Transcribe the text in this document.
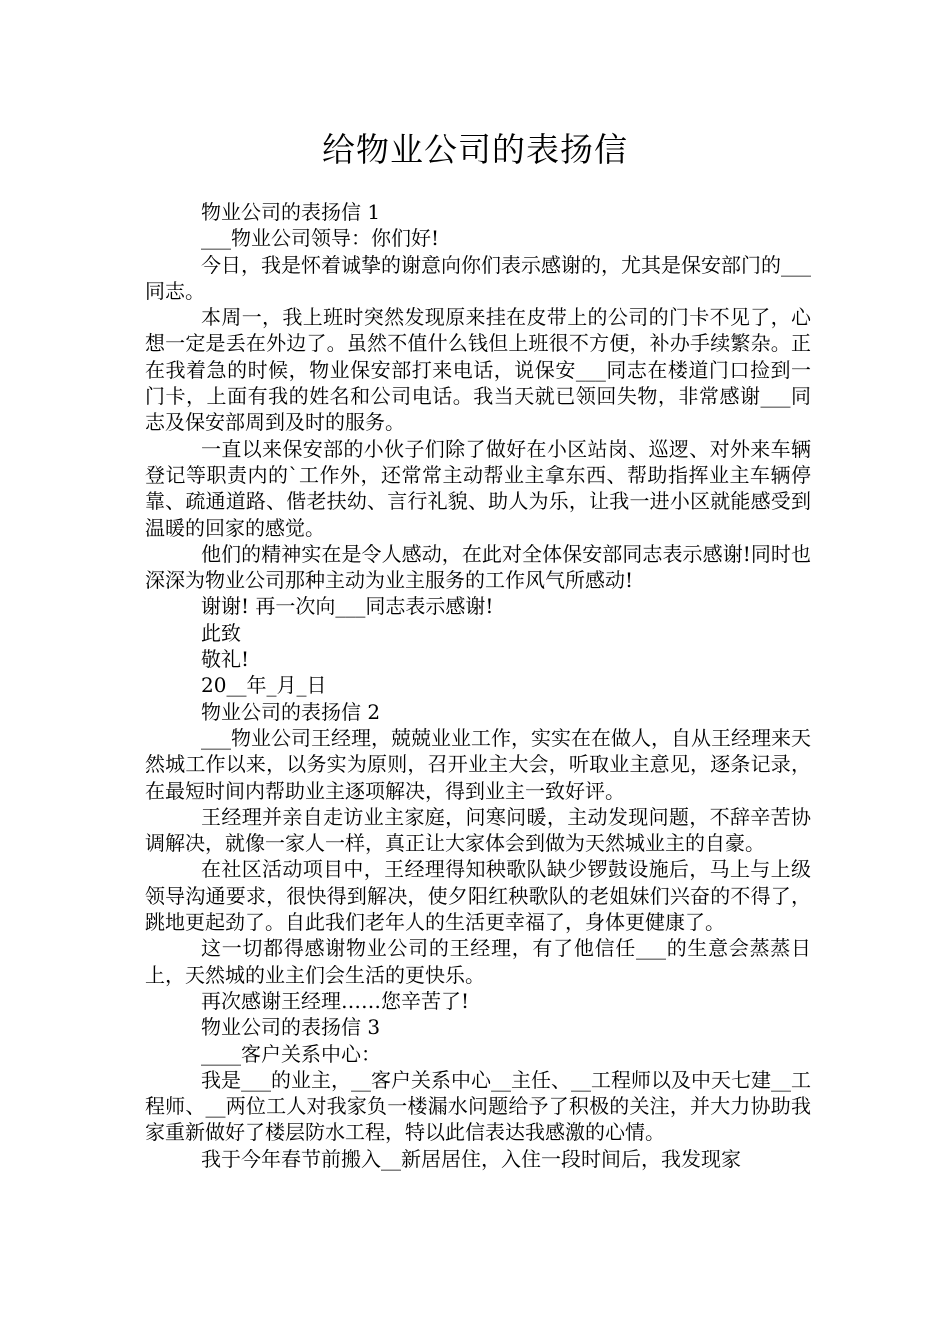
给物业公司的表扬信

物业公司的表扬信 1

___物业公司领导：你们好!

今日，我是怀着诚挚的谢意向你们表示感谢的，尤其是保安部门的___同志。

本周一，我上班时突然发现原来挂在皮带上的公司的门卡不见了，心想一定是丢在外边了。虽然不值什么钱但上班很不方便，补办手续繁杂。正在我着急的时候，物业保安部打来电话，说保安___同志在楼道门口捡到一门卡，上面有我的姓名和公司电话。我当天就已领回失物，非常感谢___同志及保安部周到及时的服务。

一直以来保安部的小伙子们除了做好在小区站岗、巡逻、对外来车辆登记等职责内的`工作外，还常常主动帮业主拿东西、帮助指挥业主车辆停靠、疏通道路、偕老扶幼、言行礼貌、助人为乐，让我一进小区就能感受到温暖的回家的感觉。

他们的精神实在是令人感动，在此对全体保安部同志表示感谢!同时也深深为物业公司那种主动为业主服务的工作风气所感动!

谢谢! 再一次向___同志表示感谢!

此致

敬礼!

20__年_月_日

物业公司的表扬信 2

___物业公司王经理，兢兢业业工作，实实在在做人，自从王经理来天然城工作以来，以务实为原则，召开业主大会，听取业主意见，逐条记录，在最短时间内帮助业主逐项解决，得到业主一致好评。

王经理并亲自走访业主家庭，问寒问暖，主动发现问题，不辞辛苦协调解决，就像一家人一样，真正让大家体会到做为天然城业主的自豪。

在社区活动项目中，王经理得知秧歌队缺少锣鼓设施后，马上与上级领导沟通要求，很快得到解决，使夕阳红秧歌队的老姐妹们兴奋的不得了，跳地更起劲了。自此我们老年人的生活更幸福了，身体更健康了。

这一切都得感谢物业公司的王经理，有了他信任___的生意会蒸蒸日上，天然城的业主们会生活的更快乐。

再次感谢王经理……您辛苦了!

物业公司的表扬信 3

____客户关系中心：

我是___的业主，__客户关系中心__主任、__工程师以及中天七建__工程师、__两位工人对我家负一楼漏水问题给予了积极的关注，并大力协助我家重新做好了楼层防水工程，特以此信表达我感激的心情。

我于今年春节前搬入__新居居住，入住一段时间后，我发现家
